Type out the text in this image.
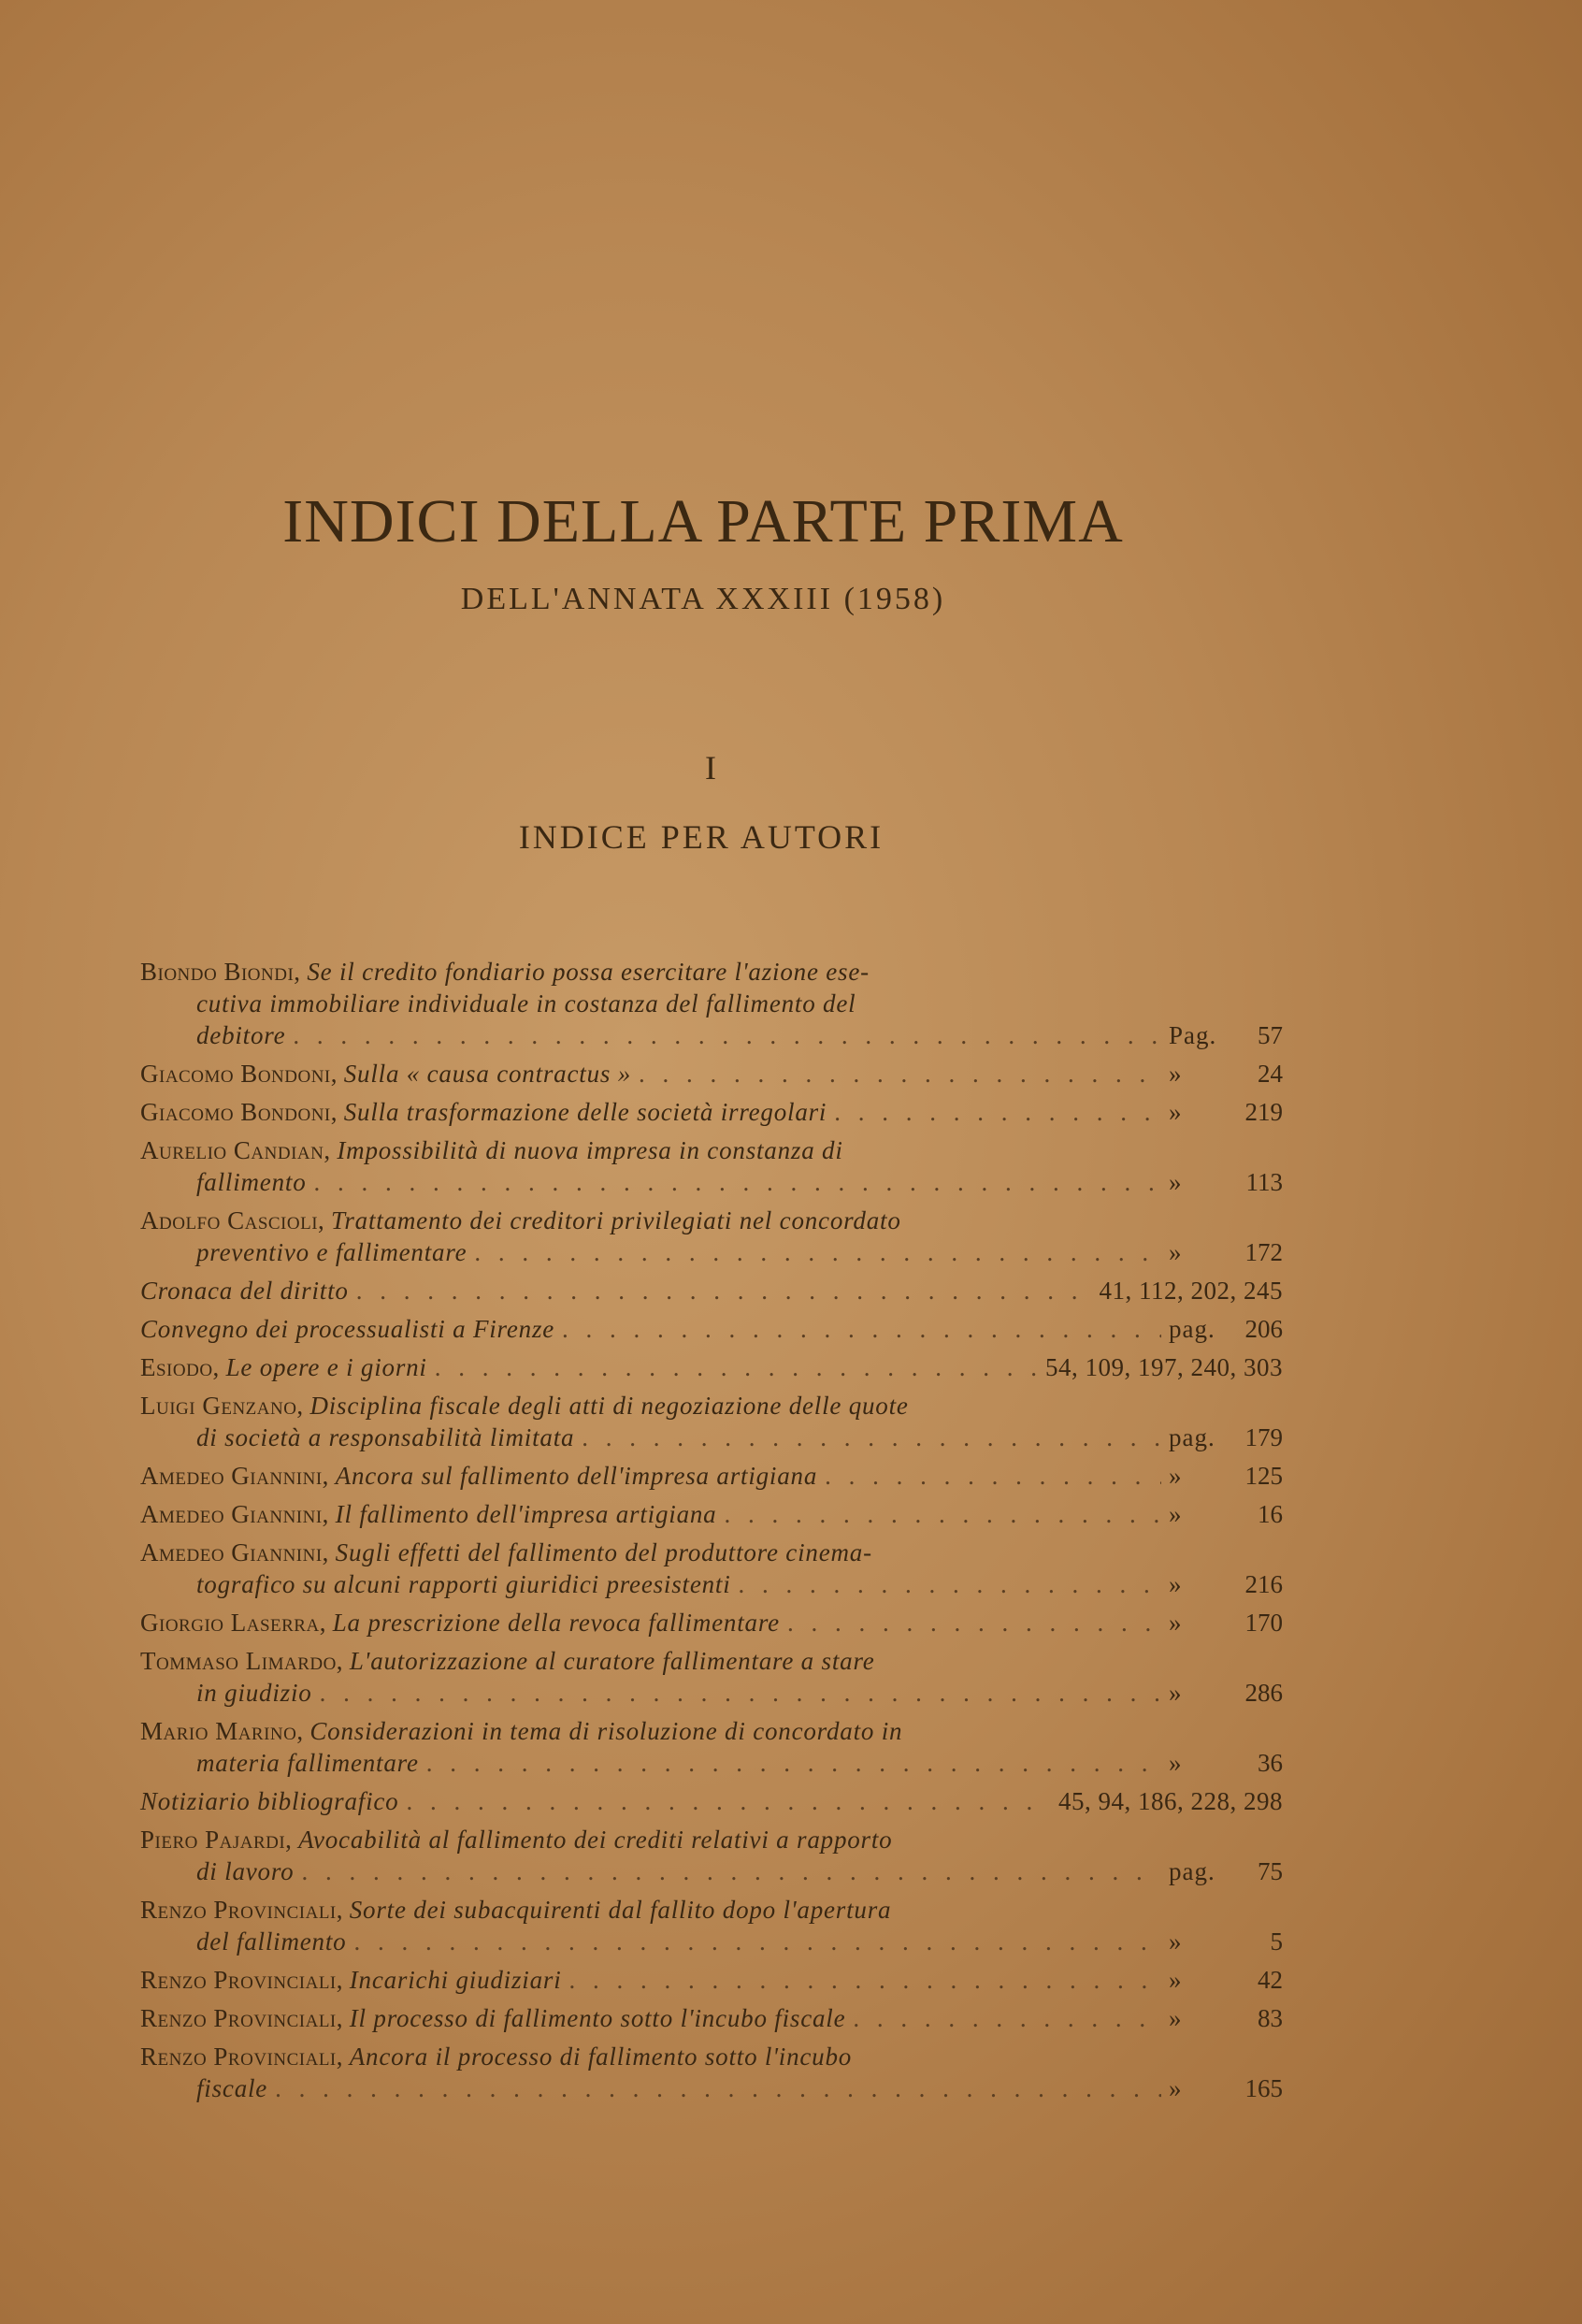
INDICI DELLA PARTE PRIMA
DELL'ANNATA XXXIII (1958)
I
INDICE PER AUTORI
Biondo Biondi,
Se il credito fondiario possa esercitare l'azione ese-
cutiva immobiliare individuale in costanza del fallimento del
debitore . . .	Pag.	57
Giacomo Bondoni,
Sulla « causa contractus » . . .	»	24
Giacomo Bondoni,
Sulla trasformazione delle società irregolari . . .	»	219
Aurelio Candian,
Impossibilità di nuova impresa in constanza di
fallimento . . .	»	113
Adolfo Cascioli,
Trattamento dei creditori privilegiati nel concordato
preventivo e fallimentare . . .	»	172
Cronaca del diritto . . .	41, 112, 202, 245
Convegno dei processualisti a Firenze . . .	pag.	206
Esiodo,
Le opere e i giorni . . .	54, 109, 197, 240, 303
Luigi Genzano,
Disciplina fiscale degli atti di negoziazione delle quote
di società a responsabilità limitata . . .	pag.	179
Amedeo Giannini,
Ancora sul fallimento dell'impresa artigiana . . .	»	125
Amedeo Giannini,
Il fallimento dell'impresa artigiana . . .	»	16
Amedeo Giannini,
Sugli effetti del fallimento del produttore cinema-
tografico su alcuni rapporti giuridici preesistenti . . .	»	216
Giorgio Laserra,
La prescrizione della revoca fallimentare . . .	»	170
Tommaso Limardo,
L'autorizzazione al curatore fallimentare a stare
in giudizio . . .	»	286
Mario Marino,
Considerazioni in tema di risoluzione di concordato in
materia fallimentare . . .	»	36
Notiziario bibliografico . . .	45, 94, 186, 228, 298
Piero Pajardi,
Avocabilità al fallimento dei crediti relativi a rapporto
di lavoro . . .	pag.	75
Renzo Provinciali,
Sorte dei subacquirenti dal fallito dopo l'apertura
del fallimento . . .	»	5
Renzo Provinciali,
Incarichi giudiziari . . .	»	42
Renzo Provinciali,
Il processo di fallimento sotto l'incubo fiscale . . .	»	83
Renzo Provinciali,
Ancora il processo di fallimento sotto l'incubo
fiscale . . .	»	165
